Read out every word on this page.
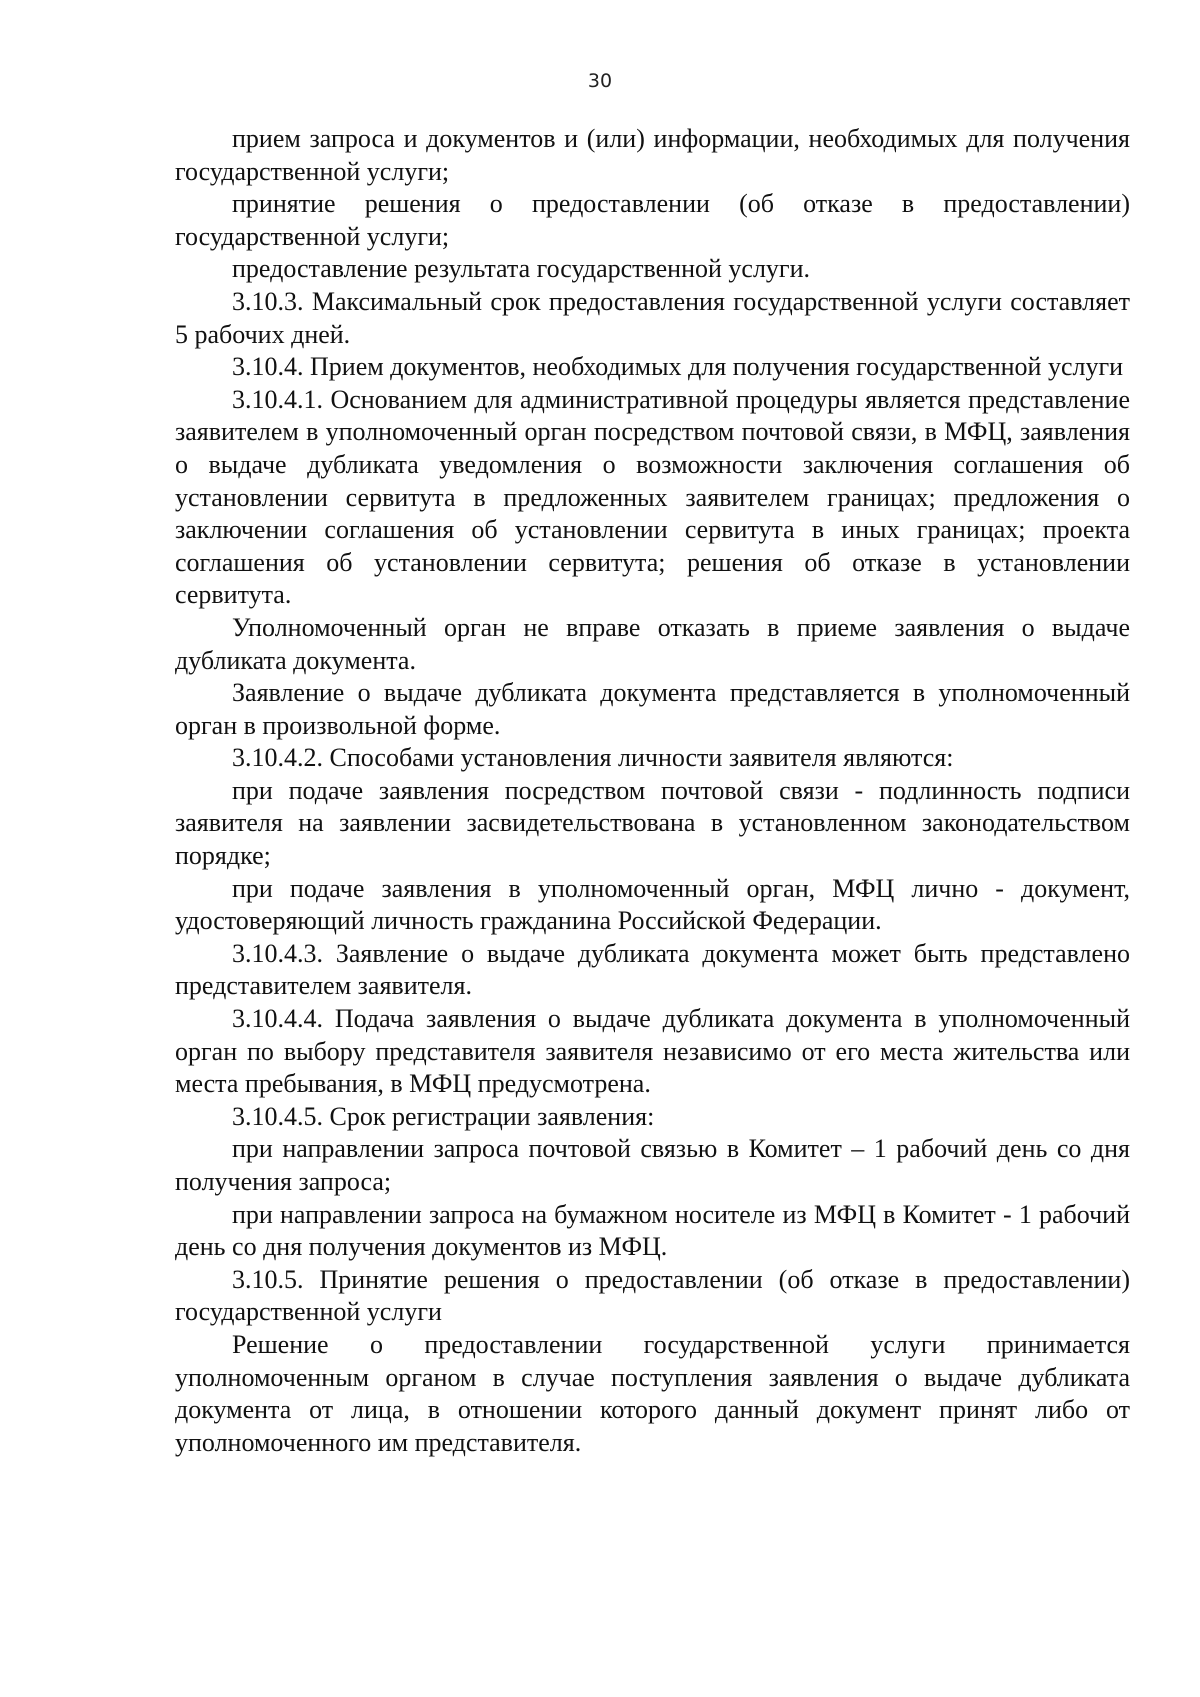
30

прием запроса и документов и (или) информации, необходимых для получения государственной услуги;

принятие решения о предоставлении (об отказе в предоставлении) государственной услуги;

предоставление результата государственной услуги.

3.10.3. Максимальный срок предоставления государственной услуги составляет 5 рабочих дней.

3.10.4. Прием документов, необходимых для получения государственной услуги

3.10.4.1. Основанием для административной процедуры является представление заявителем в уполномоченный орган посредством почтовой связи, в МФЦ, заявления о выдаче дубликата уведомления о возможности заключения соглашения об установлении сервитута в предложенных заявителем границах; предложения о заключении соглашения об установлении сервитута в иных границах; проекта соглашения об установлении сервитута; решения об отказе в установлении сервитута.

Уполномоченный орган не вправе отказать в приеме заявления о выдаче дубликата документа.

Заявление о выдаче дубликата документа представляется в уполномоченный орган в произвольной форме.

3.10.4.2. Способами установления личности заявителя являются:

при подаче заявления посредством почтовой связи - подлинность подписи заявителя на заявлении засвидетельствована в установленном законодательством порядке;

при подаче заявления в уполномоченный орган, МФЦ лично - документ, удостоверяющий личность гражданина Российской Федерации.

3.10.4.3. Заявление о выдаче дубликата документа может быть представлено представителем заявителя.

3.10.4.4. Подача заявления о выдаче дубликата документа в уполномоченный орган по выбору представителя заявителя независимо от его места жительства или места пребывания, в МФЦ предусмотрена.

3.10.4.5. Срок регистрации заявления:

при направлении запроса почтовой связью в Комитет – 1 рабочий день со дня получения запроса;

при направлении запроса на бумажном носителе из МФЦ в Комитет - 1 рабочий день со дня получения документов из МФЦ.

3.10.5. Принятие решения о предоставлении (об отказе в предоставлении) государственной услуги

Решение о предоставлении государственной услуги принимается уполномоченным органом в случае поступления заявления о выдаче дубликата документа от лица, в отношении которого данный документ принят либо от уполномоченного им представителя.
